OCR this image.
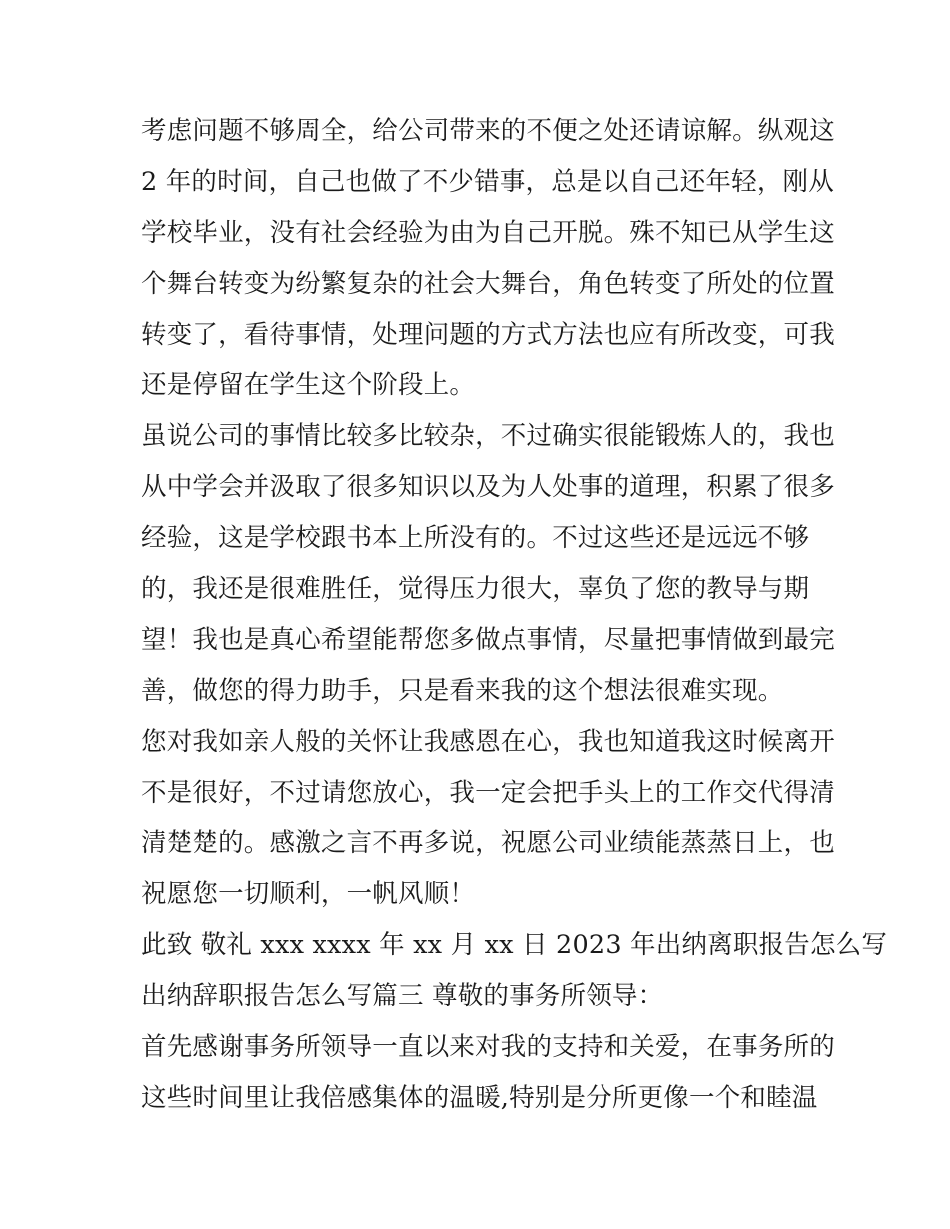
考虑问题不够周全，给公司带来的不便之处还请谅解。纵观这
2 年的时间，自己也做了不少错事，总是以自己还年轻，刚从
学校毕业，没有社会经验为由为自己开脱。殊不知已从学生这
个舞台转变为纷繁复杂的社会大舞台，角色转变了所处的位置
转变了，看待事情，处理问题的方式方法也应有所改变，可我
还是停留在学生这个阶段上。
虽说公司的事情比较多比较杂，不过确实很能锻炼人的，我也
从中学会并汲取了很多知识以及为人处事的道理，积累了很多
经验，这是学校跟书本上所没有的。不过这些还是远远不够
的，我还是很难胜任，觉得压力很大，辜负了您的教导与期
望！我也是真心希望能帮您多做点事情，尽量把事情做到最完
善，做您的得力助手，只是看来我的这个想法很难实现。
您对我如亲人般的关怀让我感恩在心，我也知道我这时候离开
不是很好，不过请您放心，我一定会把手头上的工作交代得清
清楚楚的。感激之言不再多说，祝愿公司业绩能蒸蒸日上，也
祝愿您一切顺利，一帆风顺！
此致 敬礼 xxx xxxx 年 xx 月 xx 日 2023 年出纳离职报告怎么写
出纳辞职报告怎么写篇三 尊敬的事务所领导：
首先感谢事务所领导一直以来对我的支持和关爱，在事务所的
这些时间里让我倍感集体的温暖,特别是分所更像一个和睦温
